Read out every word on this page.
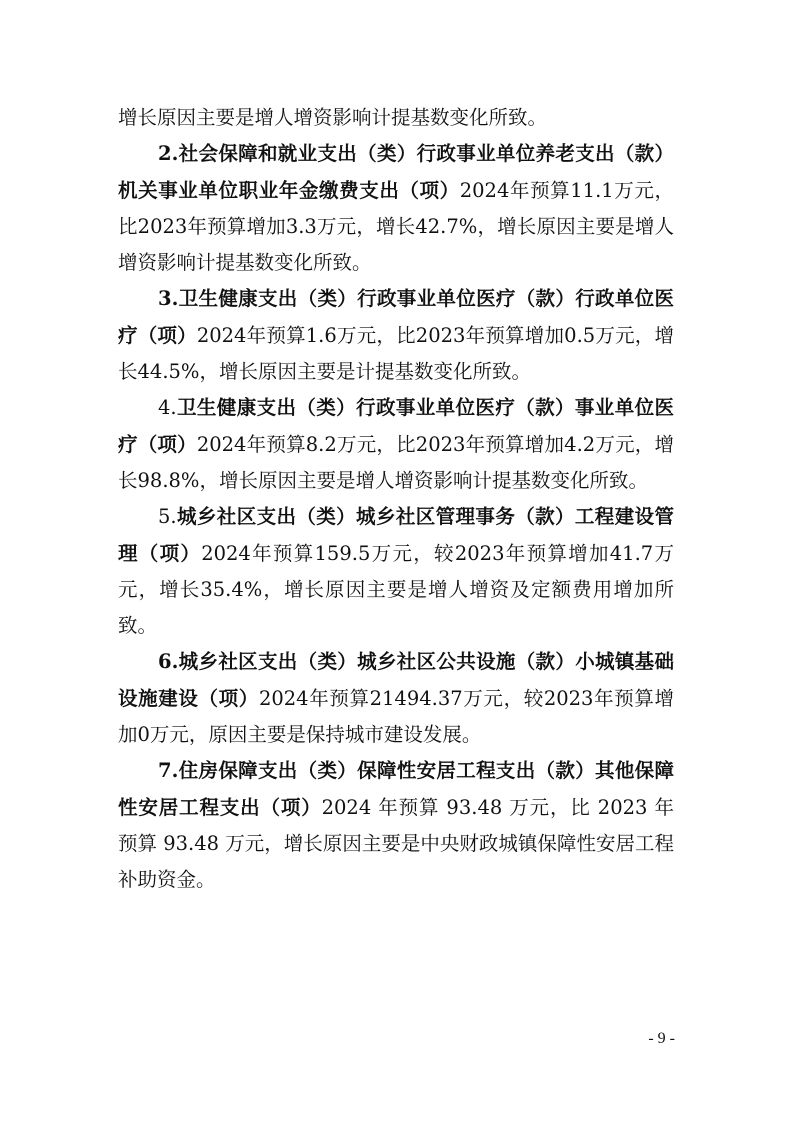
增长原因主要是增人增资影响计提基数变化所致。

2.社会保障和就业支出（类）行政事业单位养老支出（款）机关事业单位职业年金缴费支出（项）2024年预算11.1万元，比2023年预算增加3.3万元，增长42.7%，增长原因主要是增人增资影响计提基数变化所致。

3.卫生健康支出（类）行政事业单位医疗（款）行政单位医疗（项）2024年预算1.6万元，比2023年预算增加0.5万元，增长44.5%，增长原因主要是计提基数变化所致。

4.卫生健康支出（类）行政事业单位医疗（款）事业单位医疗（项）2024年预算8.2万元，比2023年预算增加4.2万元，增长98.8%，增长原因主要是增人增资影响计提基数变化所致。

5.城乡社区支出（类）城乡社区管理事务（款）工程建设管理（项）2024年预算159.5万元，较2023年预算增加41.7万元，增长35.4%，增长原因主要是增人增资及定额费用增加所致。

6.城乡社区支出（类）城乡社区公共设施（款）小城镇基础设施建设（项）2024年预算21494.37万元，较2023年预算增加0万元，原因主要是保持城市建设发展。

7.住房保障支出（类）保障性安居工程支出（款）其他保障性安居工程支出（项）2024 年预算 93.48 万元，比 2023 年预算 93.48 万元，增长原因主要是中央财政城镇保障性安居工程补助资金。

- 9 -
